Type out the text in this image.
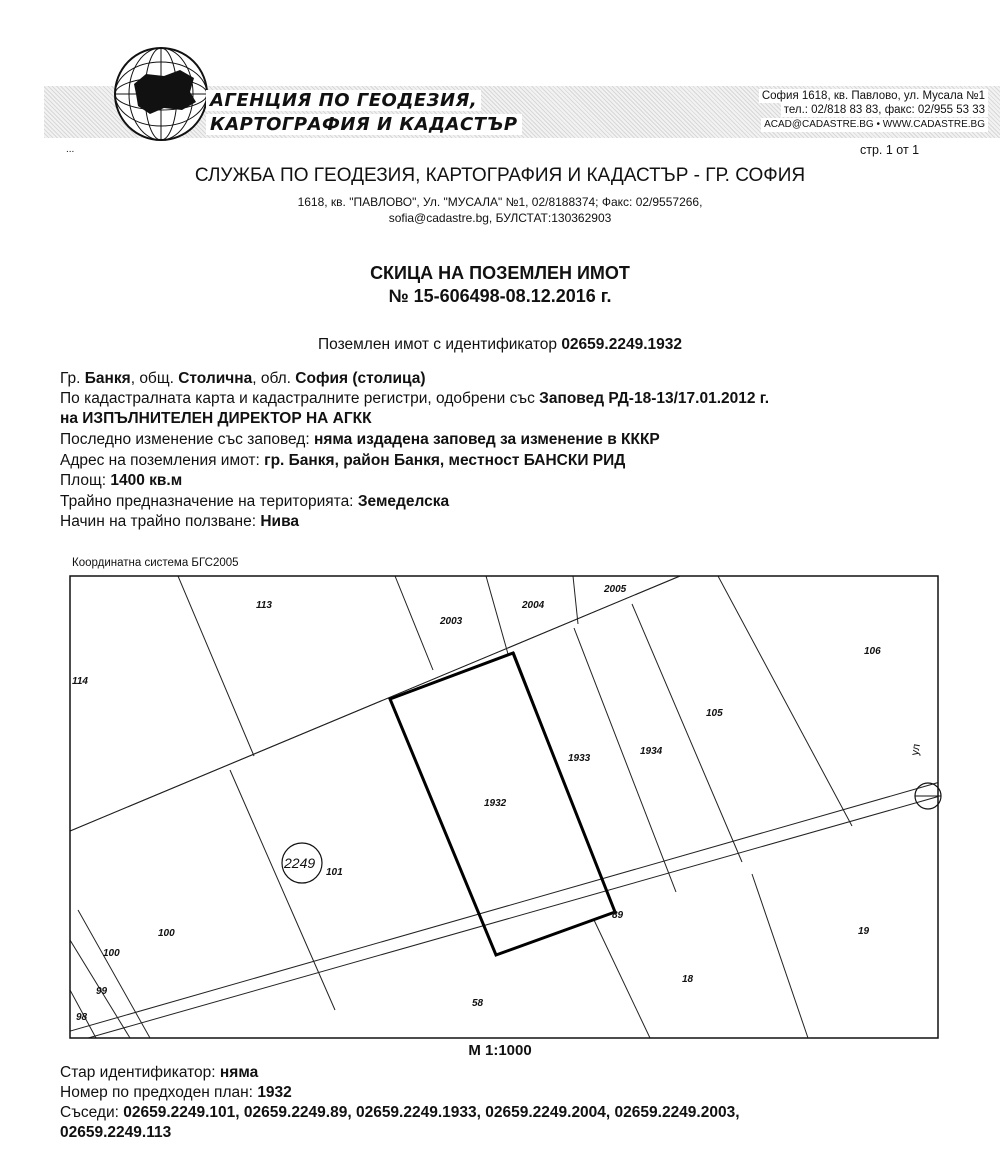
АГЕНЦИЯ ПО ГЕОДЕЗИЯ,
КАРТОГРАФИЯ И КАДАСТЪР
София 1618, кв. Павлово, ул. Мусала №1
тел.: 02/818 83 83, факс: 02/955 53 33
ACAD@CADASTRE.BG • WWW.CADASTRE.BG
...	стр. 1 от 1
СЛУЖБА ПО ГЕОДЕЗИЯ, КАРТОГРАФИЯ И КАДАСТЪР - ГР. СОФИЯ
1618, кв. "ПАВЛОВО", Ул. "МУСАЛА" №1, 02/8188374; Факс: 02/9557266,
sofia@cadastre.bg, БУЛСТАТ:130362903
СКИЦА НА ПОЗЕМЛЕН ИМОТ
№ 15-606498-08.12.2016 г.
Поземлен имот с идентификатор 02659.2249.1932
Гр. Банкя, общ. Столична, обл. София (столица)
По кадастралната карта и кадастралните регистри, одобрени със Заповед РД-18-13/17.01.2012 г.
на ИЗПЪЛНИТЕЛЕН ДИРЕКТОР НА АГКК
Последно изменение със заповед: няма издадена заповед за изменение в КККР
Адрес на поземления имот: гр. Банкя, район Банкя, местност БАНСКИ РИД
Площ: 1400 кв.м
Трайно предназначение на територията: Земеделска
Начин на трайно ползване: Нива
Координатна система БГС2005
2249
ул
113
2003
2004
2005
106
114
105
1933
1934
1932
101
100
100
99
98
89
58
18
19
М 1:1000
Стар идентификатор: няма
Номер по предходен план: 1932
Съседи: 02659.2249.101, 02659.2249.89, 02659.2249.1933, 02659.2249.2004, 02659.2249.2003,
02659.2249.113
